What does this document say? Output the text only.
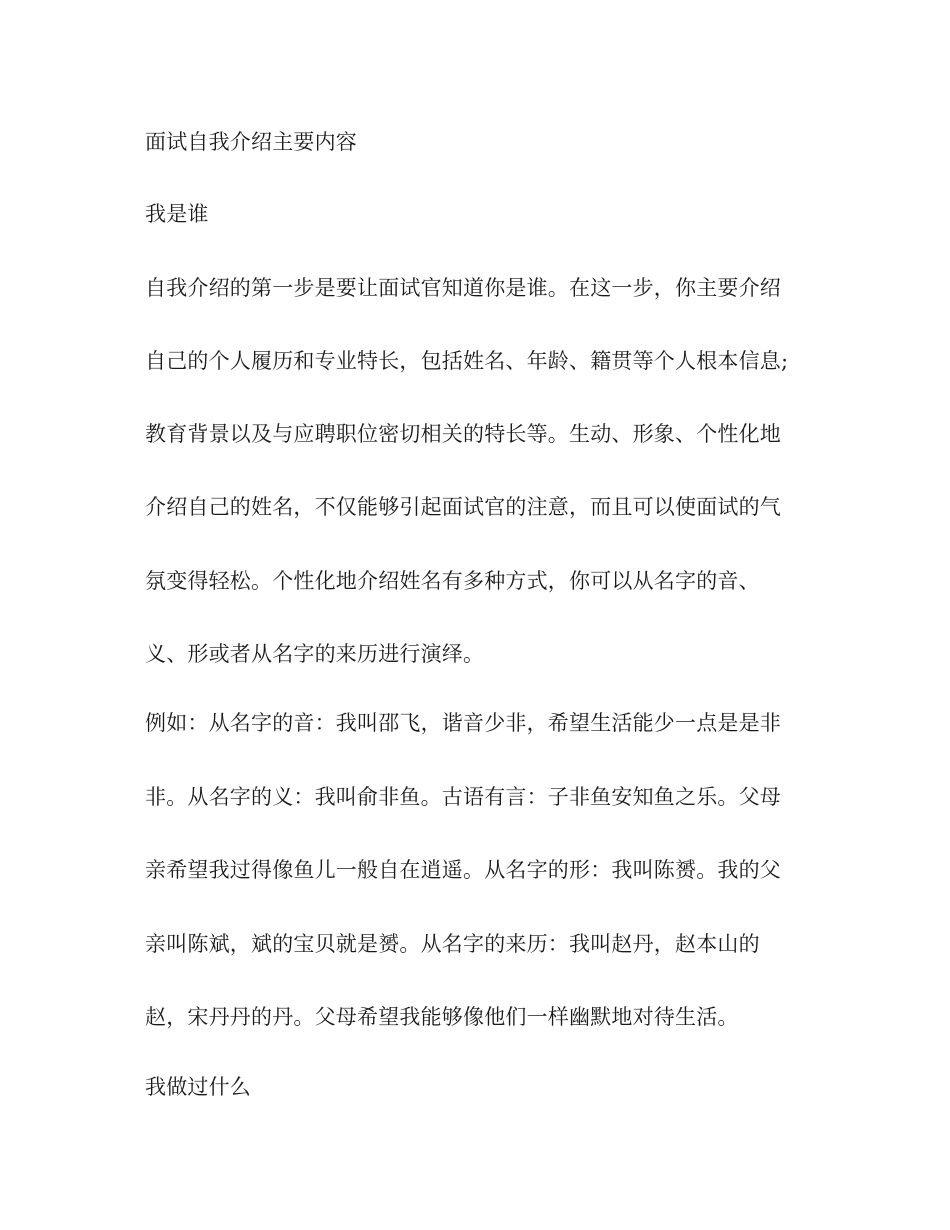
面试自我介绍主要内容
我是谁
自我介绍的第一步是要让面试官知道你是谁。在这一步，你主要介绍
自己的个人履历和专业特长，包括姓名、年龄、籍贯等个人根本信息;
教育背景以及与应聘职位密切相关的特长等。生动、形象、个性化地
介绍自己的姓名，不仅能够引起面试官的注意，而且可以使面试的气
氛变得轻松。个性化地介绍姓名有多种方式，你可以从名字的音、
义、形或者从名字的来历进行演绎。
例如：从名字的音：我叫邵飞，谐音少非，希望生活能少一点是是非
非。从名字的义：我叫俞非鱼。古语有言：子非鱼安知鱼之乐。父母
亲希望我过得像鱼儿一般自在逍遥。从名字的形：我叫陈赟。我的父
亲叫陈斌，斌的宝贝就是赟。从名字的来历：我叫赵丹，赵本山的
赵，宋丹丹的丹。父母希望我能够像他们一样幽默地对待生活。
我做过什么
